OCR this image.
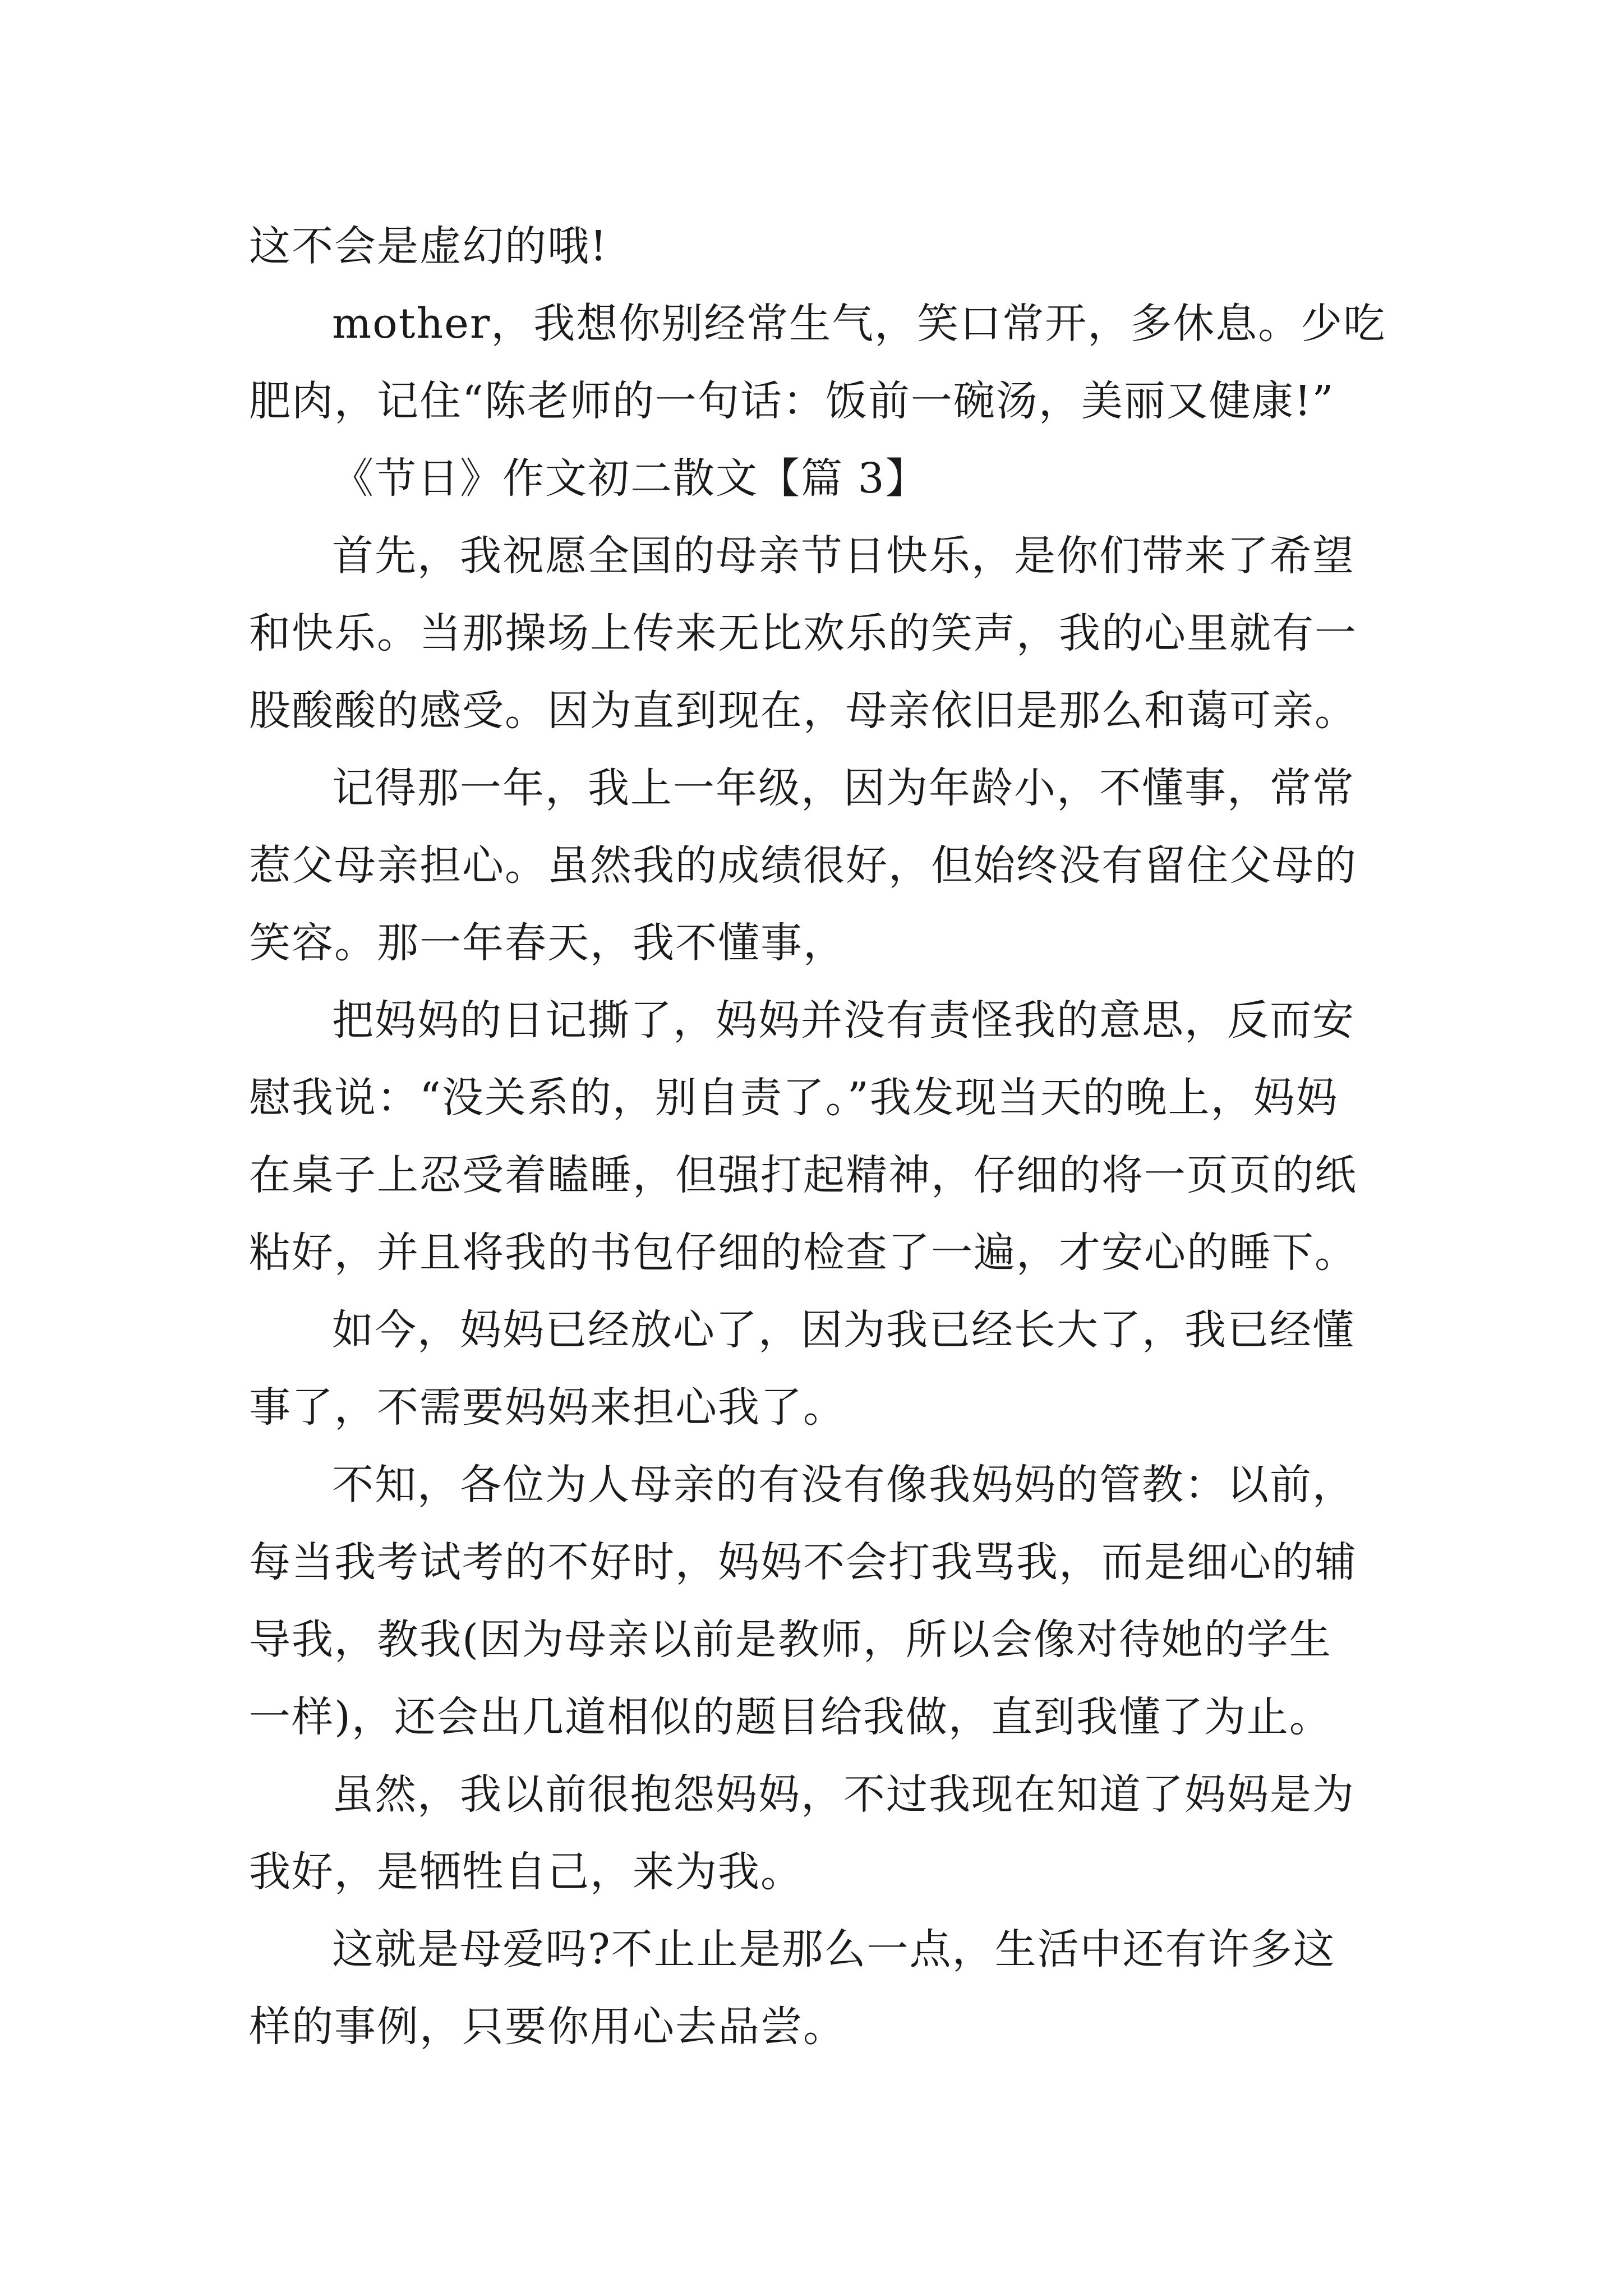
这不会是虚幻的哦!
mother，我想你别经常生气，笑口常开，多休息。少吃
肥肉，记住“陈老师的一句话：饭前一碗汤，美丽又健康!”
《节日》作文初二散文【篇 3】
首先，我祝愿全国的母亲节日快乐，是你们带来了希望
和快乐。当那操场上传来无比欢乐的笑声，我的心里就有一
股酸酸的感受。因为直到现在，母亲依旧是那么和蔼可亲。
记得那一年，我上一年级，因为年龄小，不懂事，常常
惹父母亲担心。虽然我的成绩很好，但始终没有留住父母的
笑容。那一年春天，我不懂事，
把妈妈的日记撕了，妈妈并没有责怪我的意思，反而安
慰我说：“没关系的，别自责了。”我发现当天的晚上，妈妈
在桌子上忍受着瞌睡，但强打起精神，仔细的将一页页的纸
粘好，并且将我的书包仔细的检查了一遍，才安心的睡下。
如今，妈妈已经放心了，因为我已经长大了，我已经懂
事了，不需要妈妈来担心我了。
不知，各位为人母亲的有没有像我妈妈的管教：以前，
每当我考试考的不好时，妈妈不会打我骂我，而是细心的辅
导我，教我(因为母亲以前是教师，所以会像对待她的学生
一样)，还会出几道相似的题目给我做，直到我懂了为止。
虽然，我以前很抱怨妈妈，不过我现在知道了妈妈是为
我好，是牺牲自己，来为我。
这就是母爱吗?不止止是那么一点，生活中还有许多这
样的事例，只要你用心去品尝。
